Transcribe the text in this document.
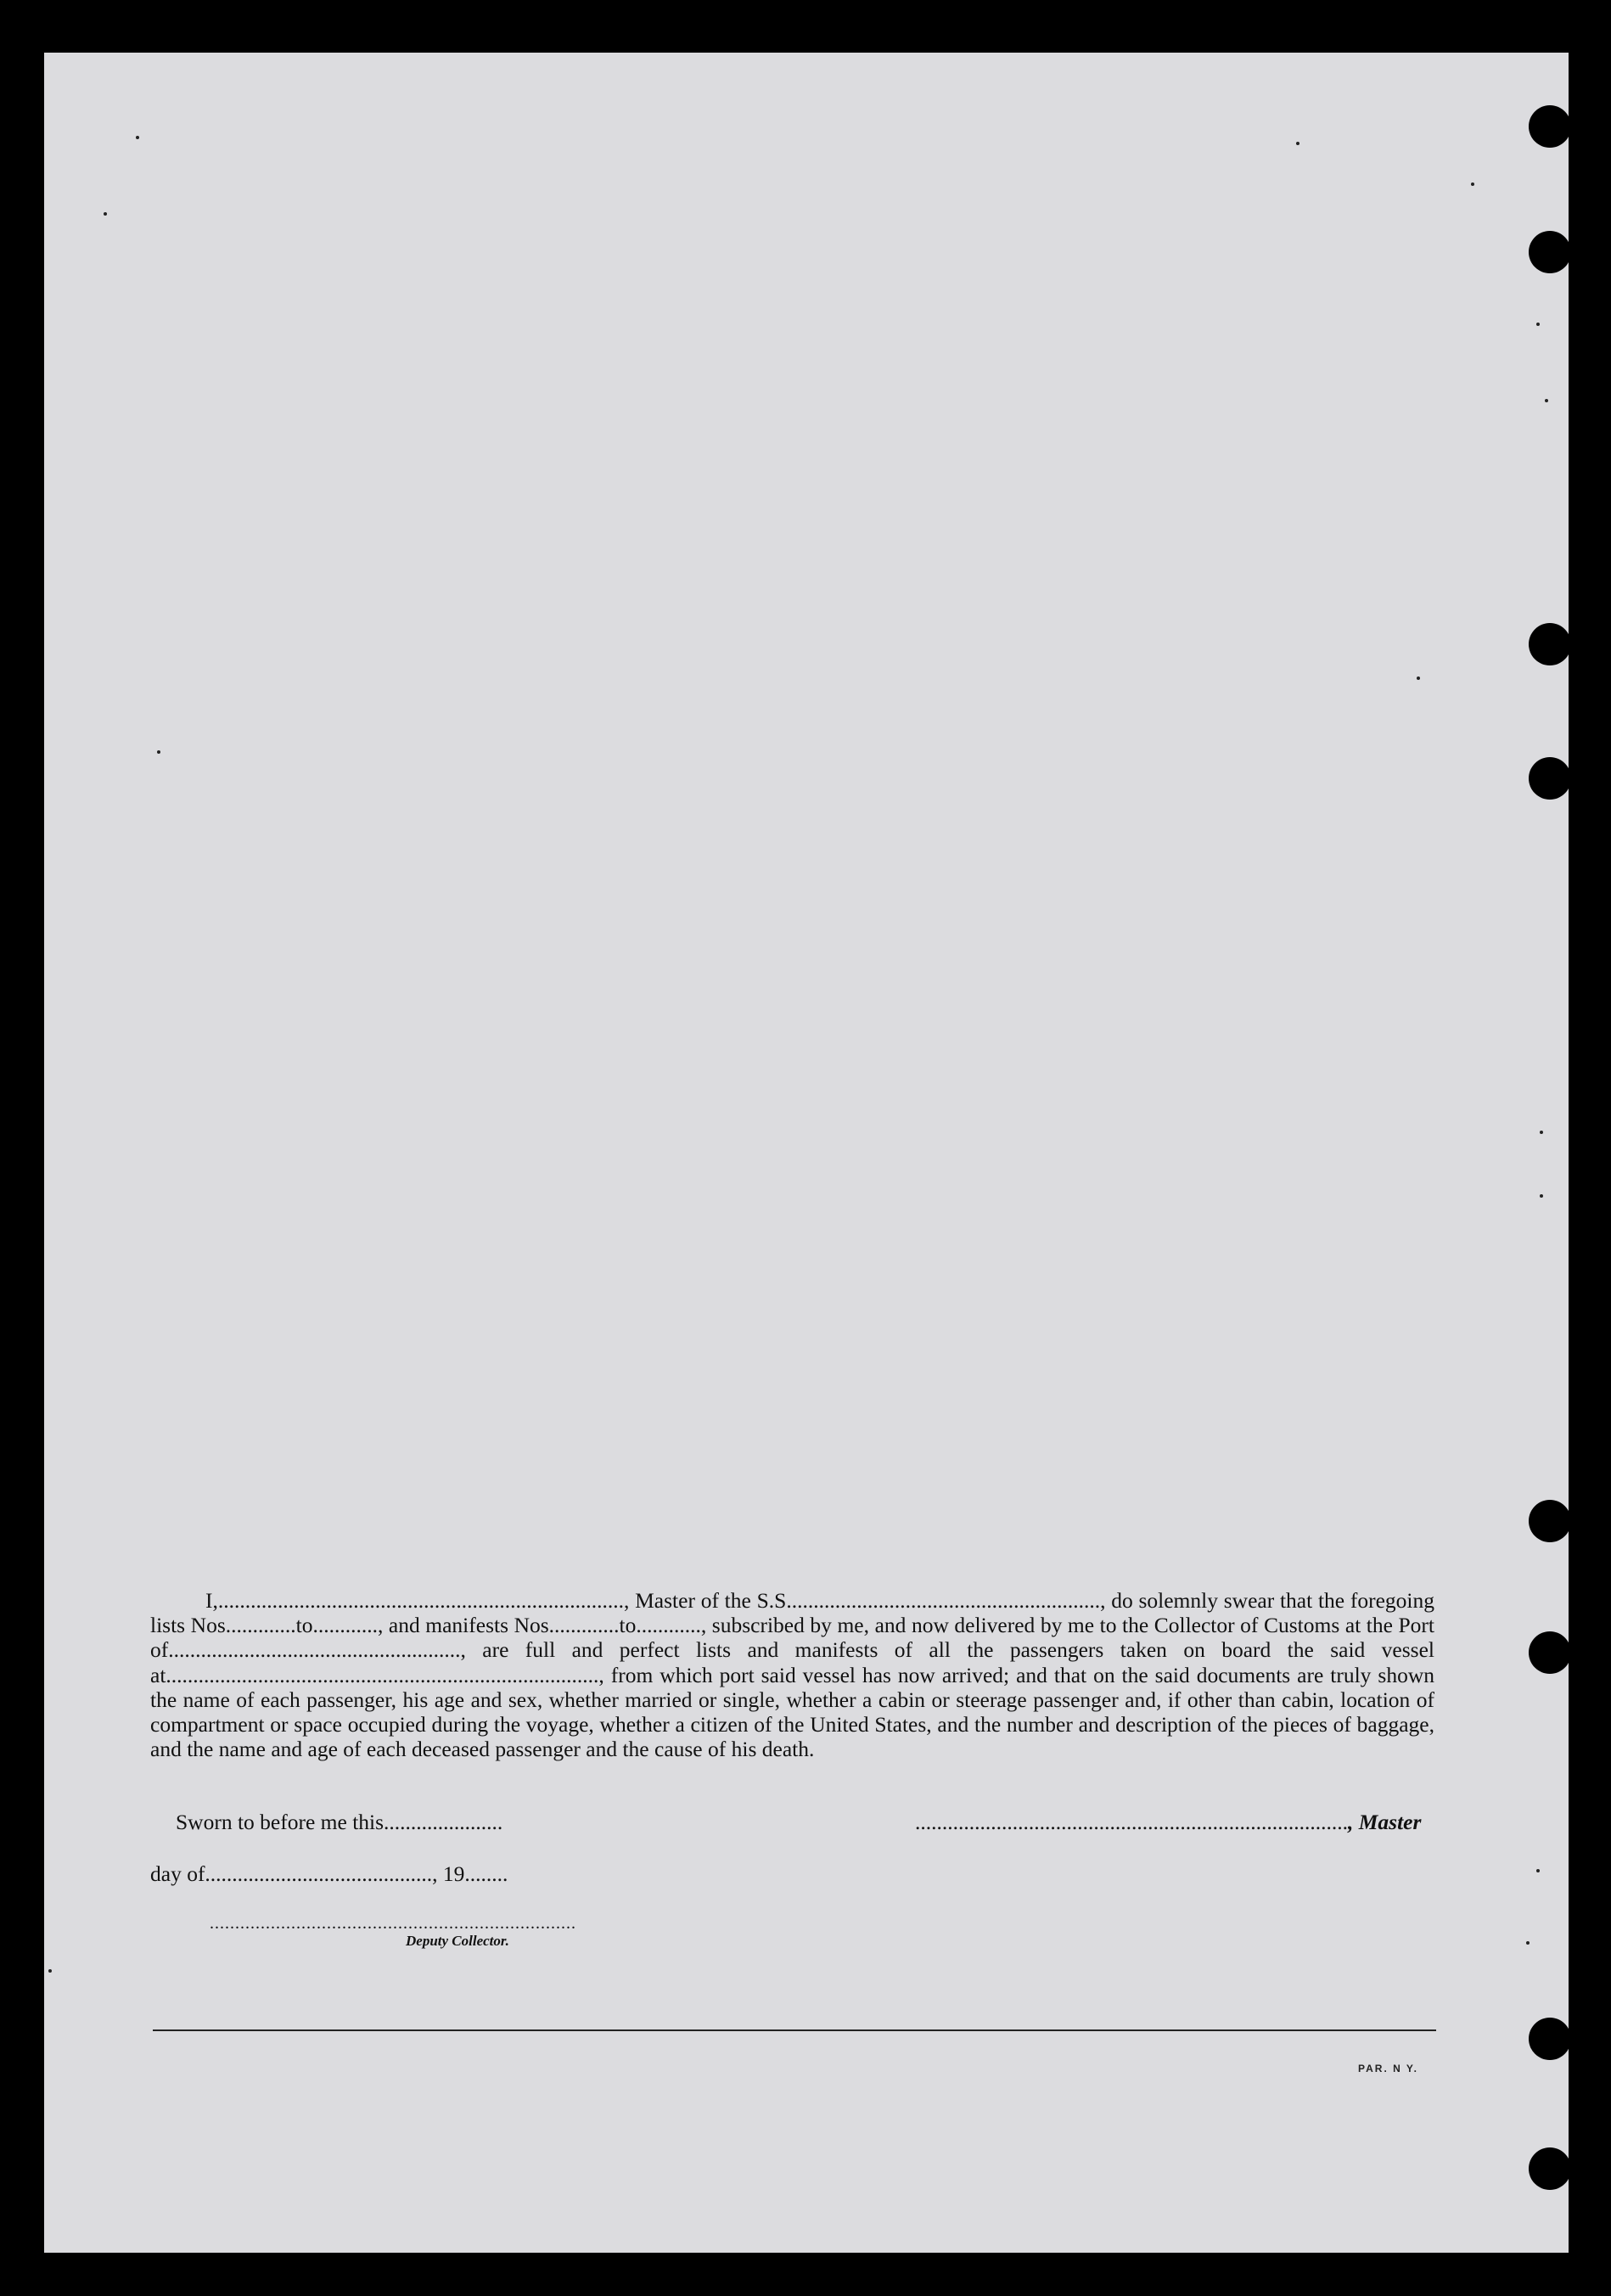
I,..........................................................................., Master of the S.S.........................................................., do solemnly swear that the foregoing lists Nos.............to............, and manifests Nos.............to............, subscribed by me, and now delivered by me to the Collector of Customs at the Port of......................................................, are full and perfect lists and manifests of all the passengers taken on board the said vessel at................................................................................, from which port said vessel has now arrived; and that on the said documents are truly shown the name of each passenger, his age and sex, whether married or single, whether a cabin or steerage passenger and, if other than cabin, location of compartment or space occupied during the voyage, whether a citizen of the United States, and the number and description of the pieces of baggage, and the name and age of each deceased passenger and the cause of his death.

Sworn to before me this......................	................................................................................, Master
day of.........................................., 19........
........................................................................
Deputy Collector.
PAR. N Y.
